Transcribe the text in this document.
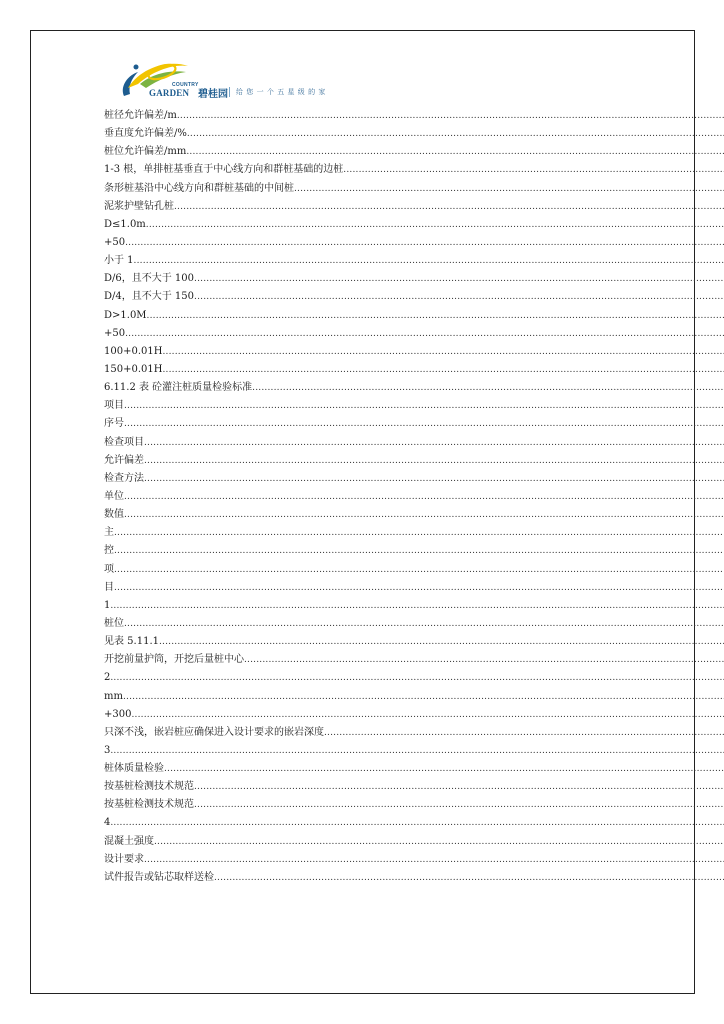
COUNTRY
GARDEN 碧桂园 给您一个五星级的家
桩径允许偏差/m
.....
垂直度允许偏差/%
.....
桩位允许偏差/mm
.....
1-3 根，单排桩基垂直于中心线方向和群桩基础的边桩
.....
条形桩基沿中心线方向和群桩基础的中间桩
.....
泥浆护壁钻孔桩
.....
D≤1.0m
.....
+50
.....
小于 1
.....
D/6，且不大于 100
.....
D/4，且不大于 150
.....
D>1.0M
.....
+50
.....
100+0.01H
.....
150+0.01H
.....
6.11.2 表 砼灌注桩质量检验标准
.....
项目
.....
序号
.....
检查项目
.....
允许偏差
.....
检查方法
.....
单位
.....
数值
.....
主
.....
控
.....
项
.....
目
.....
1
.....
桩位
.....
见表 5.11.1
.....
开挖前量护筒，开挖后量桩中心
.....
2
.....
mm
.....
+300
.....
只深不浅，嵌岩桩应确保进入设计要求的嵌岩深度
.....
3
.....
桩体质量检验
.....
按基桩检测技术规范
.....
按基桩检测技术规范
.....
4
.....
混凝土强度
.....
设计要求
.....
试件报告或钻芯取样送检
.....
